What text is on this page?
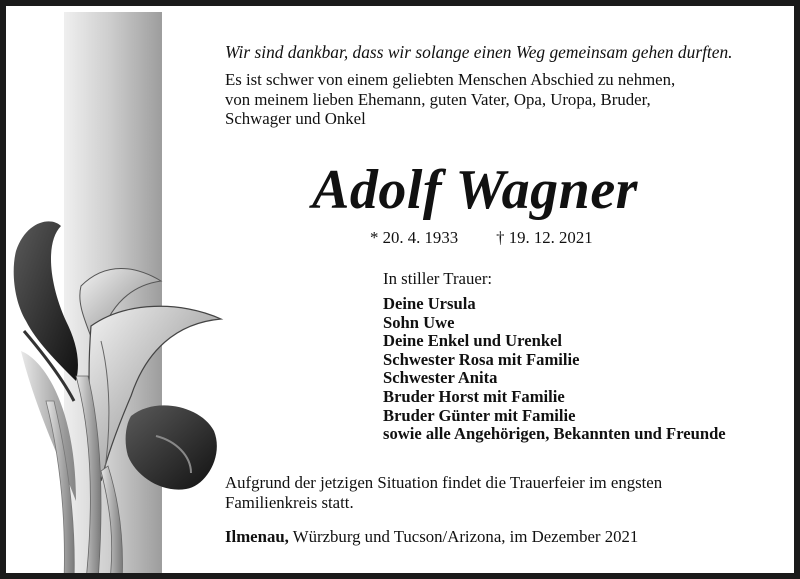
Wir sind dankbar, dass wir solange einen Weg gemeinsam gehen durften.
Es ist schwer von einem geliebten Menschen Abschied zu nehmen,
von meinem lieben Ehemann, guten Vater, Opa, Uropa, Bruder,
Schwager und Onkel
Adolf Wagner
* 20. 4. 1933 † 19. 12. 2021
In stiller Trauer:
Deine Ursula
Sohn Uwe
Deine Enkel und Urenkel
Schwester Rosa mit Familie
Schwester Anita
Bruder Horst mit Familie
Bruder Günter mit Familie
sowie alle Angehörigen, Bekannten und Freunde
Aufgrund der jetzigen Situation findet die Trauerfeier im engsten
Familienkreis statt.
Ilmenau, Würzburg und Tucson/Arizona, im Dezember 2021
